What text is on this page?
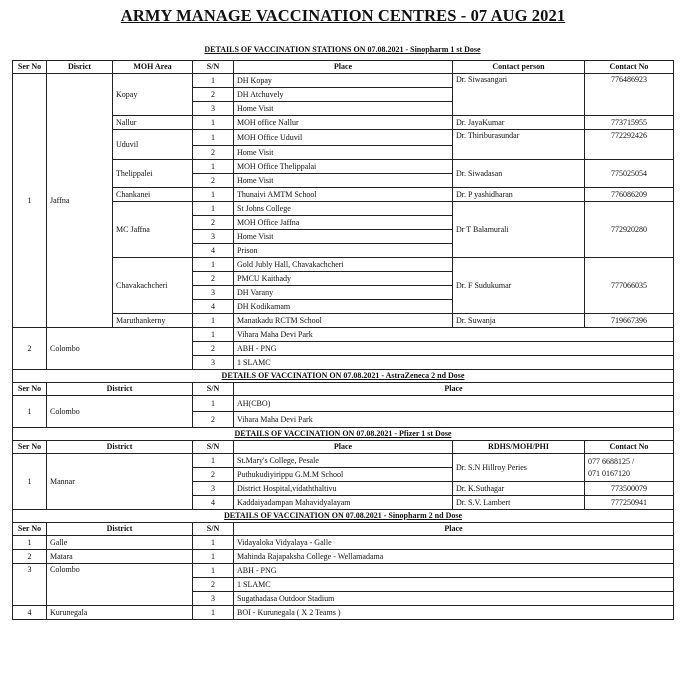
ARMY MANAGE VACCINATION CENTRES - 07 AUG 2021
DETAILS OF VACCINATION STATIONS ON 07.08.2021 - Sinopharm 1 st Dose
Ser No	Disrict	MOH Area	S/N	Place	Contact person	Contact No
1	Jaffna	Kopay	1	DH Kopay	Dr. Siwasangari	776486923
			2	DH Atchuvely		
			3	Home Visit		
		Nallur	1	MOH office Nallur	Dr. JayaKumar	773715955
		Uduvil	1	MOH Office Uduvil	Dr. Thiriburasundar	772292426
			2	Home Visit		
		Thelippalei	1	MOH Office Thelippalai	Dr. Siwadasan	775025054
			2	Home Visit		
		Chankanei	1	Thunaivi AMTM School	Dr. P yashidharan	776086209
		MC Jaffna	1	St Johns College	Dr T Balamurali	772920280
			2	MOH Office Jaffna		
			3	Home Visit		
			4	Prison		
		Chavakachcheri	1	Gold Jubly Hall, Chavakachcheri	Dr. F Sudukumar	777066035
			2	PMCU Kaithady		
			3	DH Varany		
			4	DH Kodikamam		
		Maruthankerny	1	Manatkadu RCTM School	Dr. Suwanja	719667396
2	Colombo		1	Vihara Maha Devi Park		
			2	ABH - PNG		
			3	1 SLAMC		
DETAILS OF VACCINATION ON 07.08.2021 - AstraZeneca 2 nd Dose						
Ser No	District		S/N	Place		
1	Colombo		1	AH(CBO)		
			2	Vihara Maha Devi Park		
DETAILS OF VACCINATION ON 07.08.2021 - Pfizer 1 st Dose						
Ser No	District		S/N	Place	RDHS/MOH/PHI	Contact No
1	Mannar		1	St.Mary's College, Pesale	Dr. S.N Hillroy Peries	077 6688125 /
071 0167120

			2	Puthukudiyirippu G.M.M School		
			3	District Hospital,vidaththaltivu	Dr. K.Suthagar	773500079
			4	Kaddaiyadampan Mahavidyalayam	Dr. S.V. Lambert	777250941
DETAILS OF VACCINATION ON 07.08.2021 - Sinopharm 2 nd Dose						
Ser No	District		S/N	Place		
1	Galle		1	Vidayaloka Vidyalaya - Galle		
2	Matara		1	Mahinda Rajapaksha College - Wellamadama		
3	Colombo		1	ABH - PNG		
			2	1 SLAMC		
			3	Sugathadasa Outdoor Stadium		
4	Kurunegala		1	BOI - Kurunegala ( X 2 Teams )		
